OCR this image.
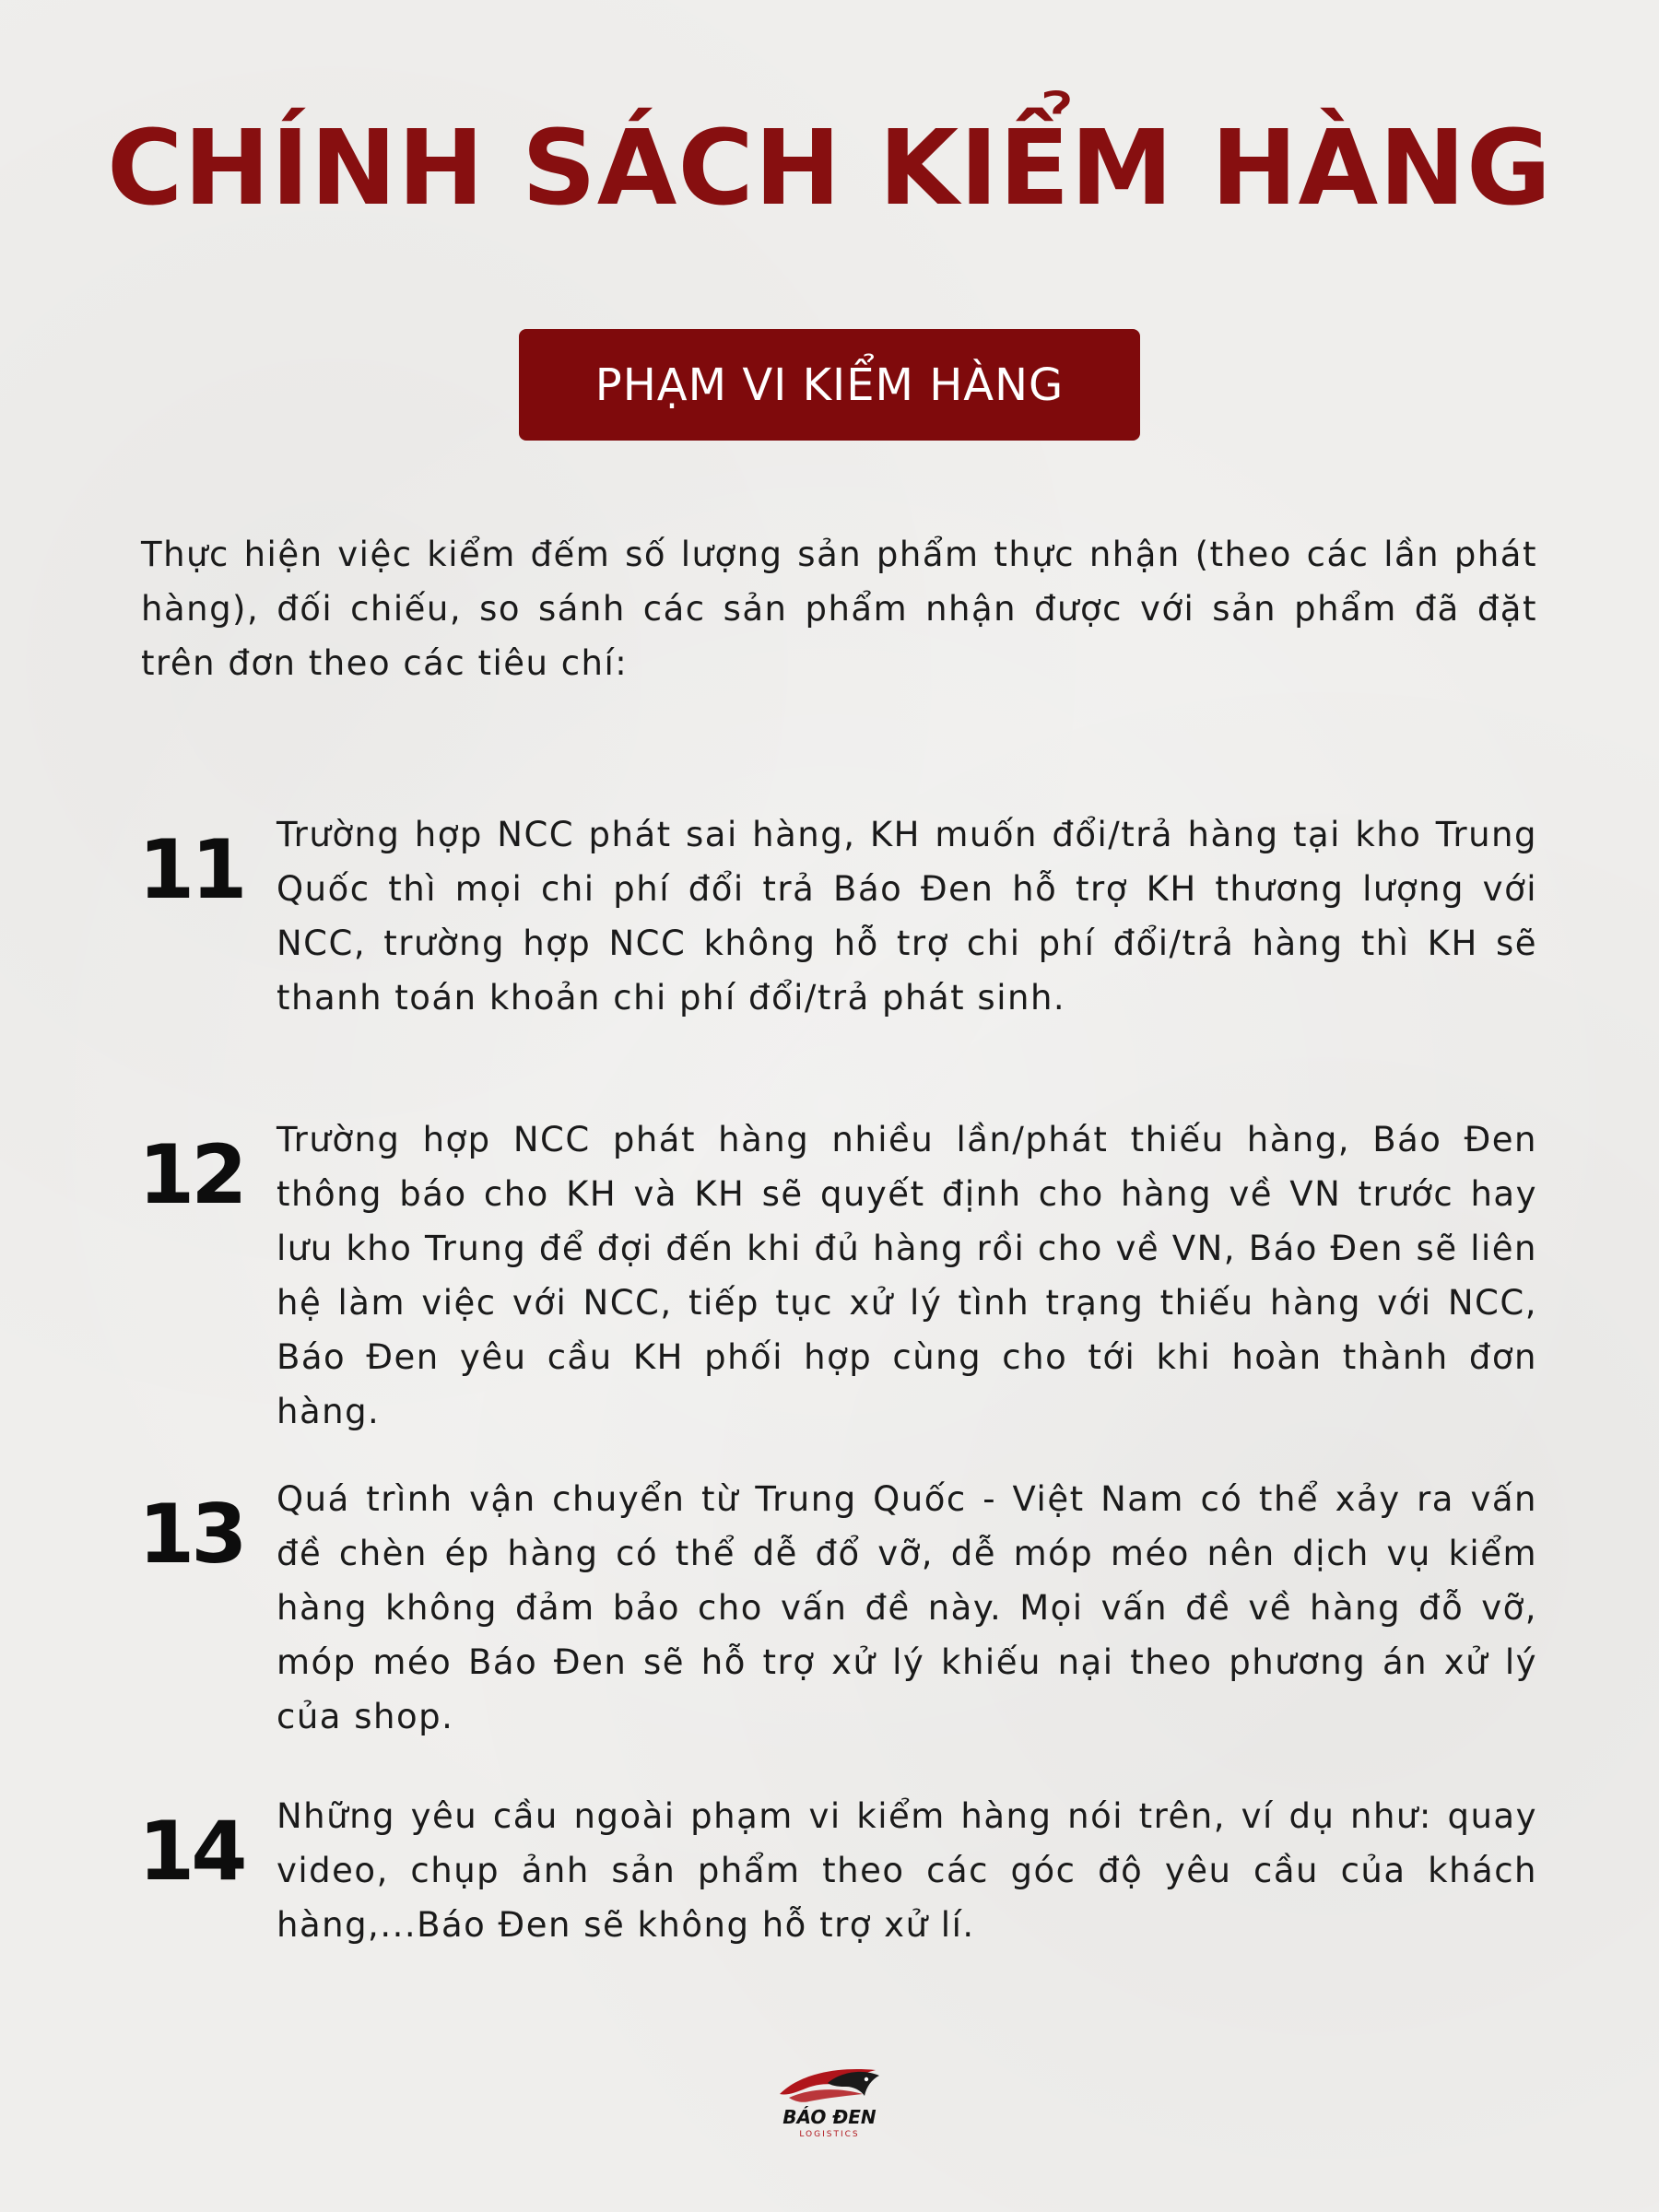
CHÍNH SÁCH KIỂM HÀNG
PHẠM VI KIỂM HÀNG

Thực hiện việc kiểm đếm số lượng sản phẩm thực nhận (theo các lần phát hàng), đối chiếu, so sánh các sản phẩm nhận được với sản phẩm đã đặt trên đơn theo các tiêu chí:

11 Trường hợp NCC phát sai hàng, KH muốn đổi/trả hàng tại kho Trung Quốc thì mọi chi phí đổi trả Báo Đen hỗ trợ KH thương lượng với NCC, trường hợp NCC không hỗ trợ chi phí đổi/trả hàng thì KH sẽ thanh toán khoản chi phí đổi/trả phát sinh.

12 Trường hợp NCC phát hàng nhiều lần/phát thiếu hàng, Báo Đen thông báo cho KH và KH sẽ quyết định cho hàng về VN trước hay lưu kho Trung để đợi đến khi đủ hàng rồi cho về VN, Báo Đen sẽ liên hệ làm việc với NCC, tiếp tục xử lý tình trạng thiếu hàng với NCC, Báo Đen yêu cầu KH phối hợp cùng cho tới khi hoàn thành đơn hàng.

13 Quá trình vận chuyển từ Trung Quốc - Việt Nam có thể xảy ra vấn đề chèn ép hàng có thể dễ đổ vỡ, dễ móp méo nên dịch vụ kiểm hàng không đảm bảo cho vấn đề này. Mọi vấn đề về hàng đỗ vỡ, móp méo Báo Đen sẽ hỗ trợ xử lý khiếu nại theo phương án xử lý của shop.

14 Những yêu cầu ngoài phạm vi kiểm hàng nói trên, ví dụ như: quay video, chụp ảnh sản phẩm theo các góc độ yêu cầu của khách hàng,...Báo Đen sẽ không hỗ trợ xử lí.

BÁO ĐEN
LOGISTICS
